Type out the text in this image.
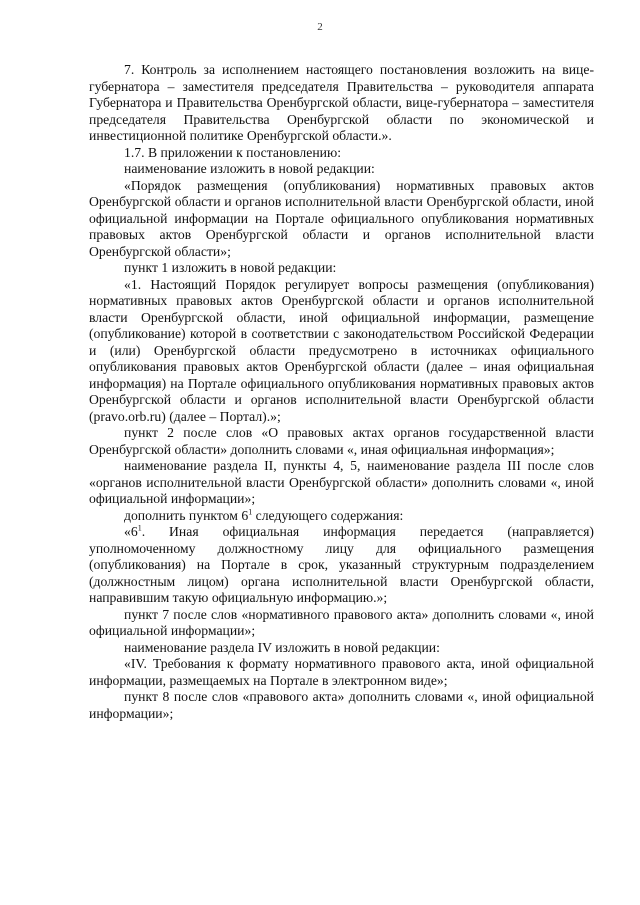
2

7. Контроль за исполнением настоящего постановления возложить на вице-губернатора – заместителя председателя Правительства – руководителя аппарата Губернатора и Правительства Оренбургской области, вице-губернатора – заместителя председателя Правительства Оренбургской области по экономической и инвестиционной политике Оренбургской области.».

1.7. В приложении к постановлению:

наименование изложить в новой редакции:

«Порядок размещения (опубликования) нормативных правовых актов Оренбургской области и органов исполнительной власти Оренбургской области, иной официальной информации на Портале официального опубликования нормативных правовых актов Оренбургской области и органов исполнительной власти Оренбургской области»;

пункт 1 изложить в новой редакции:

«1. Настоящий Порядок регулирует вопросы размещения (опубликования) нормативных правовых актов Оренбургской области и органов исполнительной власти Оренбургской области, иной официальной информации, размещение (опубликование) которой в соответствии с законодательством Российской Федерации и (или) Оренбургской области предусмотрено в источниках официального опубликования правовых актов Оренбургской области (далее – иная официальная информация) на Портале официального опубликования нормативных правовых актов Оренбургской области и органов исполнительной власти Оренбургской области (pravo.orb.ru) (далее – Портал).»;

пункт 2 после слов «О правовых актах органов государственной власти Оренбургской области» дополнить словами «, иная официальная информация»;

наименование раздела II, пункты 4, 5, наименование раздела III после слов «органов исполнительной власти Оренбургской области» дополнить словами «, иной официальной информации»;

дополнить пунктом $6^1$ следующего содержания:

«$6^1$. Иная официальная информация передается (направляется) уполномоченному должностному лицу для официального размещения (опубликования) на Портале в срок, указанный структурным подразделением (должностным лицом) органа исполнительной власти Оренбургской области, направившим такую официальную информацию.»;

пункт 7 после слов «нормативного правового акта» дополнить словами «, иной официальной информации»;

наименование раздела IV изложить в новой редакции:

«IV. Требования к формату нормативного правового акта, иной официальной информации, размещаемых на Портале в электронном виде»;

пункт 8 после слов «правового акта» дополнить словами «, иной официальной информации»;
